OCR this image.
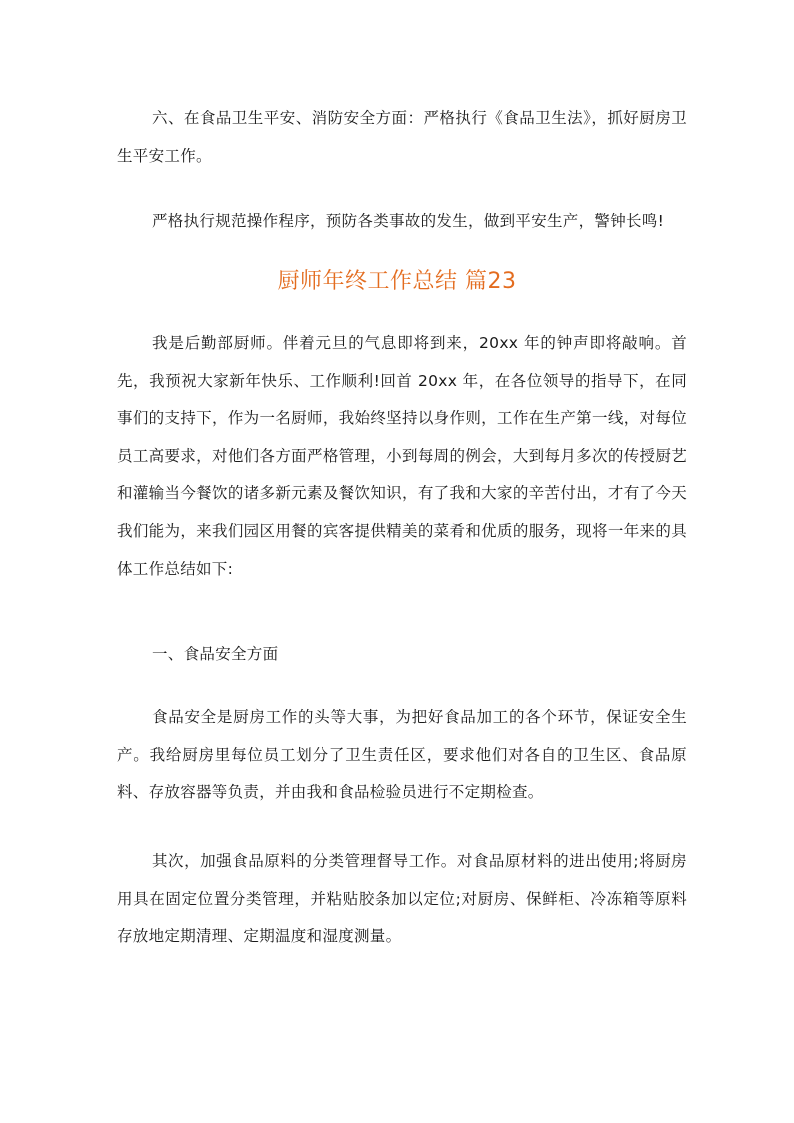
六、在食品卫生平安、消防安全方面：严格执行《食品卫生法》，抓好厨房卫生平安工作。

严格执行规范操作程序，预防各类事故的发生，做到平安生产，警钟长鸣!

厨师年终工作总结 篇23

我是后勤部厨师。伴着元旦的气息即将到来，20xx 年的钟声即将敲响。首先，我预祝大家新年快乐、工作顺利!回首 20xx 年，在各位领导的指导下，在同事们的支持下，作为一名厨师，我始终坚持以身作则，工作在生产第一线，对每位员工高要求，对他们各方面严格管理，小到每周的例会，大到每月多次的传授厨艺和灌输当今餐饮的诸多新元素及餐饮知识，有了我和大家的辛苦付出，才有了今天我们能为，来我们园区用餐的宾客提供精美的菜肴和优质的服务，现将一年来的具体工作总结如下:

一、食品安全方面

食品安全是厨房工作的头等大事，为把好食品加工的各个环节，保证安全生产。我给厨房里每位员工划分了卫生责任区，要求他们对各自的卫生区、食品原料、存放容器等负责，并由我和食品检验员进行不定期检查。

其次，加强食品原料的分类管理督导工作。对食品原材料的进出使用;将厨房用具在固定位置分类管理，并粘贴胶条加以定位;对厨房、保鲜柜、冷冻箱等原料存放地定期清理、定期温度和湿度测量。
